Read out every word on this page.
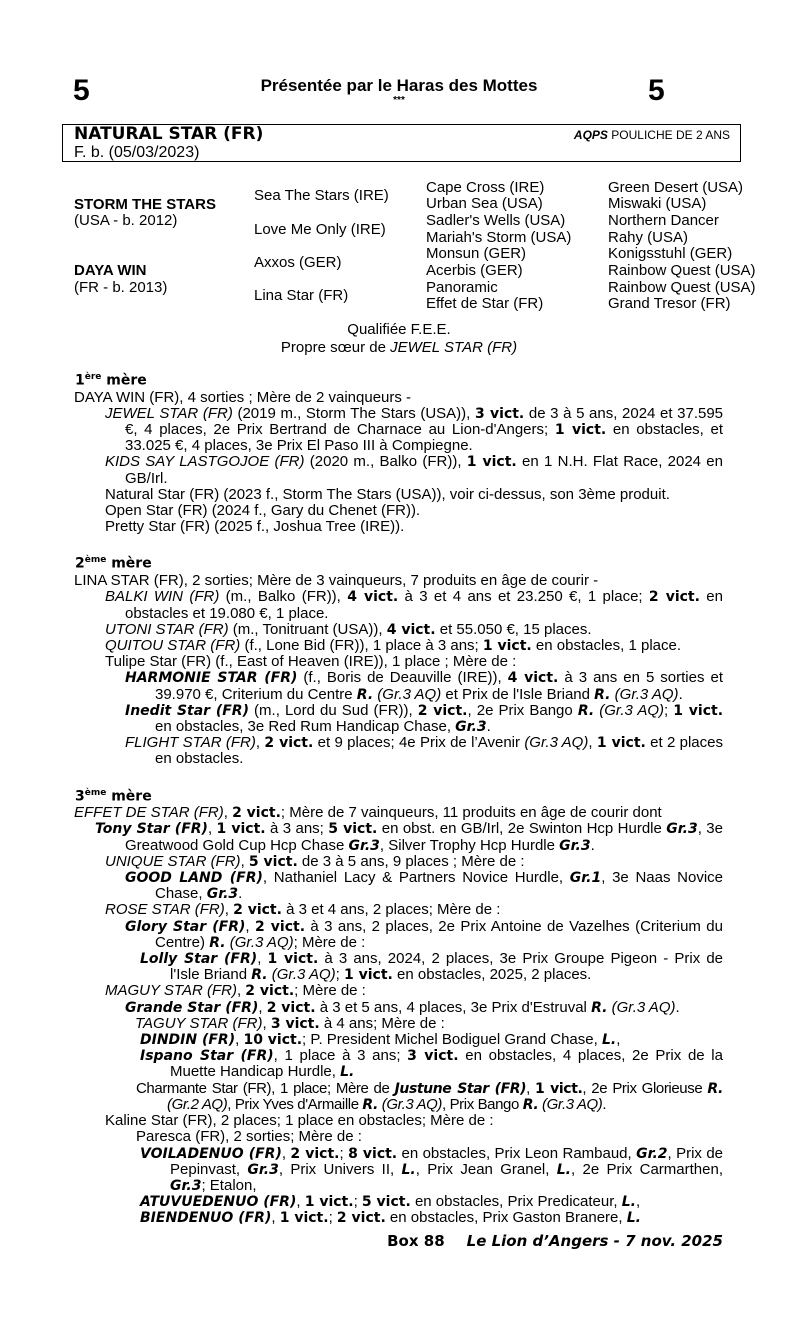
5	Présentée par le Haras des Mottes
***	5
NATURAL STAR (FR)
F. b. (05/03/2023)
AQPS POULICHE DE 2 ANS
STORM THE STARS
(USA - b. 2012)
DAYA WIN
(FR - b. 2013)
Sea The Stars (IRE)
Love Me Only (IRE)
Axxos (GER)
Lina Star (FR)
Cape Cross (IRE)
Urban Sea (USA)
Sadler's Wells (USA)
Mariah's Storm (USA)
Monsun (GER)
Acerbis (GER)
Panoramic
Effet de Star (FR)
Green Desert (USA)
Miswaki (USA)
Northern Dancer
Rahy (USA)
Konigsstuhl (GER)
Rainbow Quest (USA)
Rainbow Quest (USA)
Grand Tresor (FR)
Qualifiée F.E.E.
Propre sœur de JEWEL STAR (FR)
1ère mère

DAYA WIN (FR), 4 sorties ; Mère de 2 vainqueurs -

JEWEL STAR (FR) (2019 m., Storm The Stars (USA)), 3 vict. de 3 à 5 ans, 2024 et 37.595 €, 4 places, 2e Prix Bertrand de Charnace au Lion-d'Angers; 1 vict. en obstacles, et 33.025 €, 4 places, 3e Prix El Paso III à Compiegne.

KIDS SAY LASTGOJOE (FR) (2020 m., Balko (FR)), 1 vict. en 1 N.H. Flat Race, 2024 en GB/Irl.

Natural Star (FR) (2023 f., Storm The Stars (USA)), voir ci-dessus, son 3ème produit.

Open Star (FR) (2024 f., Gary du Chenet (FR)).

Pretty Star (FR) (2025 f., Joshua Tree (IRE)).

2ème mère

LINA STAR (FR), 2 sorties; Mère de 3 vainqueurs, 7 produits en âge de courir -

BALKI WIN (FR) (m., Balko (FR)), 4 vict. à 3 et 4 ans et 23.250 €, 1 place; 2 vict. en obstacles et 19.080 €, 1 place.

UTONI STAR (FR) (m., Tonitruant (USA)), 4 vict. et 55.050 €, 15 places.

QUITOU STAR (FR) (f., Lone Bid (FR)), 1 place à 3 ans; 1 vict. en obstacles, 1 place.

Tulipe Star (FR) (f., East of Heaven (IRE)), 1 place ; Mère de :

HARMONIE STAR (FR) (f., Boris de Deauville (IRE)), 4 vict. à 3 ans en 5 sorties et 39.970 €, Criterium du Centre R. (Gr.3 AQ) et Prix de l'Isle Briand R. (Gr.3 AQ).

Inedit Star (FR) (m., Lord du Sud (FR)), 2 vict., 2e Prix Bango R. (Gr.3 AQ); 1 vict. en obstacles, 3e Red Rum Handicap Chase, Gr.3.

FLIGHT STAR (FR), 2 vict. et 9 places; 4e Prix de l’Avenir (Gr.3 AQ), 1 vict. et 2 places en obstacles.

3ème mère

EFFET DE STAR (FR), 2 vict.; Mère de 7 vainqueurs, 11 produits en âge de courir dont

Tony Star (FR), 1 vict. à 3 ans; 5 vict. en obst. en GB/Irl, 2e Swinton Hcp Hurdle Gr.3, 3e Greatwood Gold Cup Hcp Chase Gr.3, Silver Trophy Hcp Hurdle Gr.3.

UNIQUE STAR (FR), 5 vict. de 3 à 5 ans, 9 places ; Mère de :

GOOD LAND (FR), Nathaniel Lacy & Partners Novice Hurdle, Gr.1, 3e Naas Novice Chase, Gr.3.

ROSE STAR (FR), 2 vict. à 3 et 4 ans, 2 places; Mère de :

Glory Star (FR), 2 vict. à 3 ans, 2 places, 2e Prix Antoine de Vazelhes (Criterium du Centre) R. (Gr.3 AQ); Mère de :

Lolly Star (FR), 1 vict. à 3 ans, 2024, 2 places, 3e Prix Groupe Pigeon - Prix de l'Isle Briand R. (Gr.3 AQ); 1 vict. en obstacles, 2025, 2 places.

MAGUY STAR (FR), 2 vict.; Mère de :

Grande Star (FR), 2 vict. à 3 et 5 ans, 4 places, 3e Prix d'Estruval R. (Gr.3 AQ).

TAGUY STAR (FR), 3 vict. à 4 ans; Mère de :

DINDIN (FR), 10 vict.; P. President Michel Bodiguel Grand Chase, L.,

Ispano Star (FR), 1 place à 3 ans; 3 vict. en obstacles, 4 places, 2e Prix de la Muette Handicap Hurdle, L.

Charmante Star (FR), 1 place; Mère de Justune Star (FR), 1 vict., 2e Prix Glorieuse R. (Gr.2 AQ), Prix Yves d'Armaille R. (Gr.3 AQ), Prix Bango R. (Gr.3 AQ).

Kaline Star (FR), 2 places; 1 place en obstacles; Mère de :

Paresca (FR), 2 sorties; Mère de :

VOILADENUO (FR), 2 vict.; 8 vict. en obstacles, Prix Leon Rambaud, Gr.2, Prix de Pepinvast, Gr.3, Prix Univers II, L., Prix Jean Granel, L., 2e Prix Carmarthen, Gr.3; Etalon,

ATUVUEDENUO (FR), 1 vict.; 5 vict. en obstacles, Prix Predicateur, L.,

BIENDENUO (FR), 1 vict.; 2 vict. en obstacles, Prix Gaston Branere, L.

Box 88 Le Lion d’Angers - 7 nov. 2025
